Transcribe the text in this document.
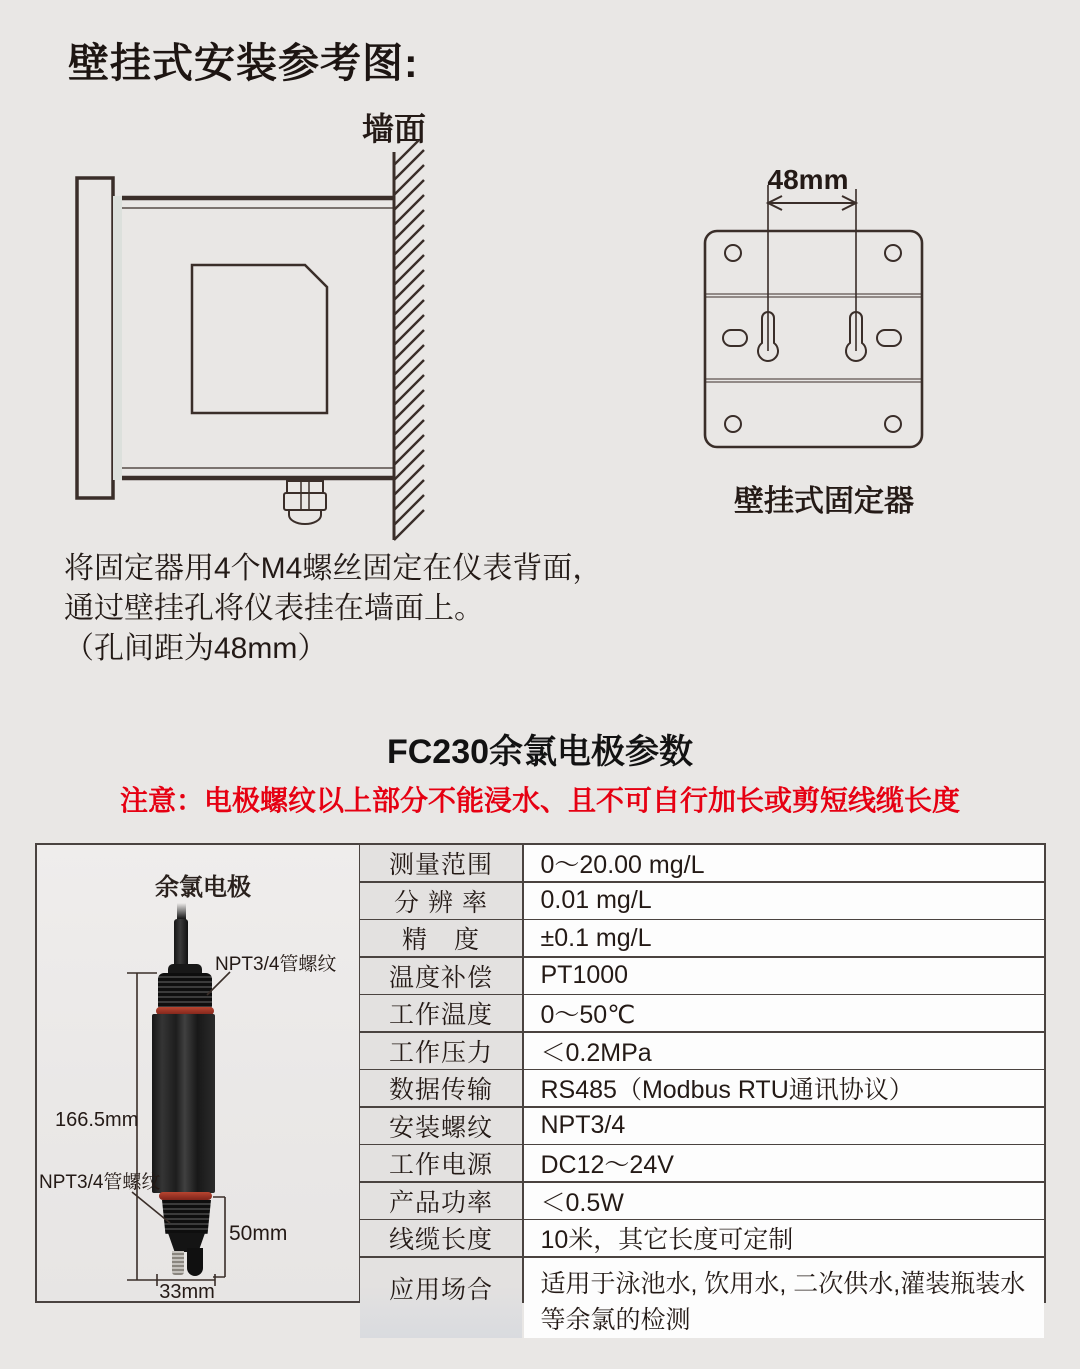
壁挂式安装参考图:
墙面
48mm
壁挂式固定器
将固定器用4个M4螺丝固定在仪表背面，
通过壁挂孔将仪表挂在墙面上。
（孔间距为48mm）
FC230余氯电极参数
注意：电极螺纹以上部分不能浸水、且不可自行加长或剪短线缆长度
余氯电极
NPT3/4管螺纹
NPT3/4管螺纹
166.5mm
50mm
33mm
测量范围	0～20.00 mg/L
分 辨 率	0.01 mg/L
精　度	±0.1 mg/L
温度补偿	PT1000
工作温度	0～50℃
工作压力	＜0.2MPa
数据传输	RS485（Modbus RTU通讯协议）
安装螺纹	NPT3/4
工作电源	DC12～24V
产品功率	＜0.5W
线缆长度	10米，其它长度可定制
应用场合	适用于泳池水, 饮用水, 二次供水,灌装瓶装水等余氯的检测
